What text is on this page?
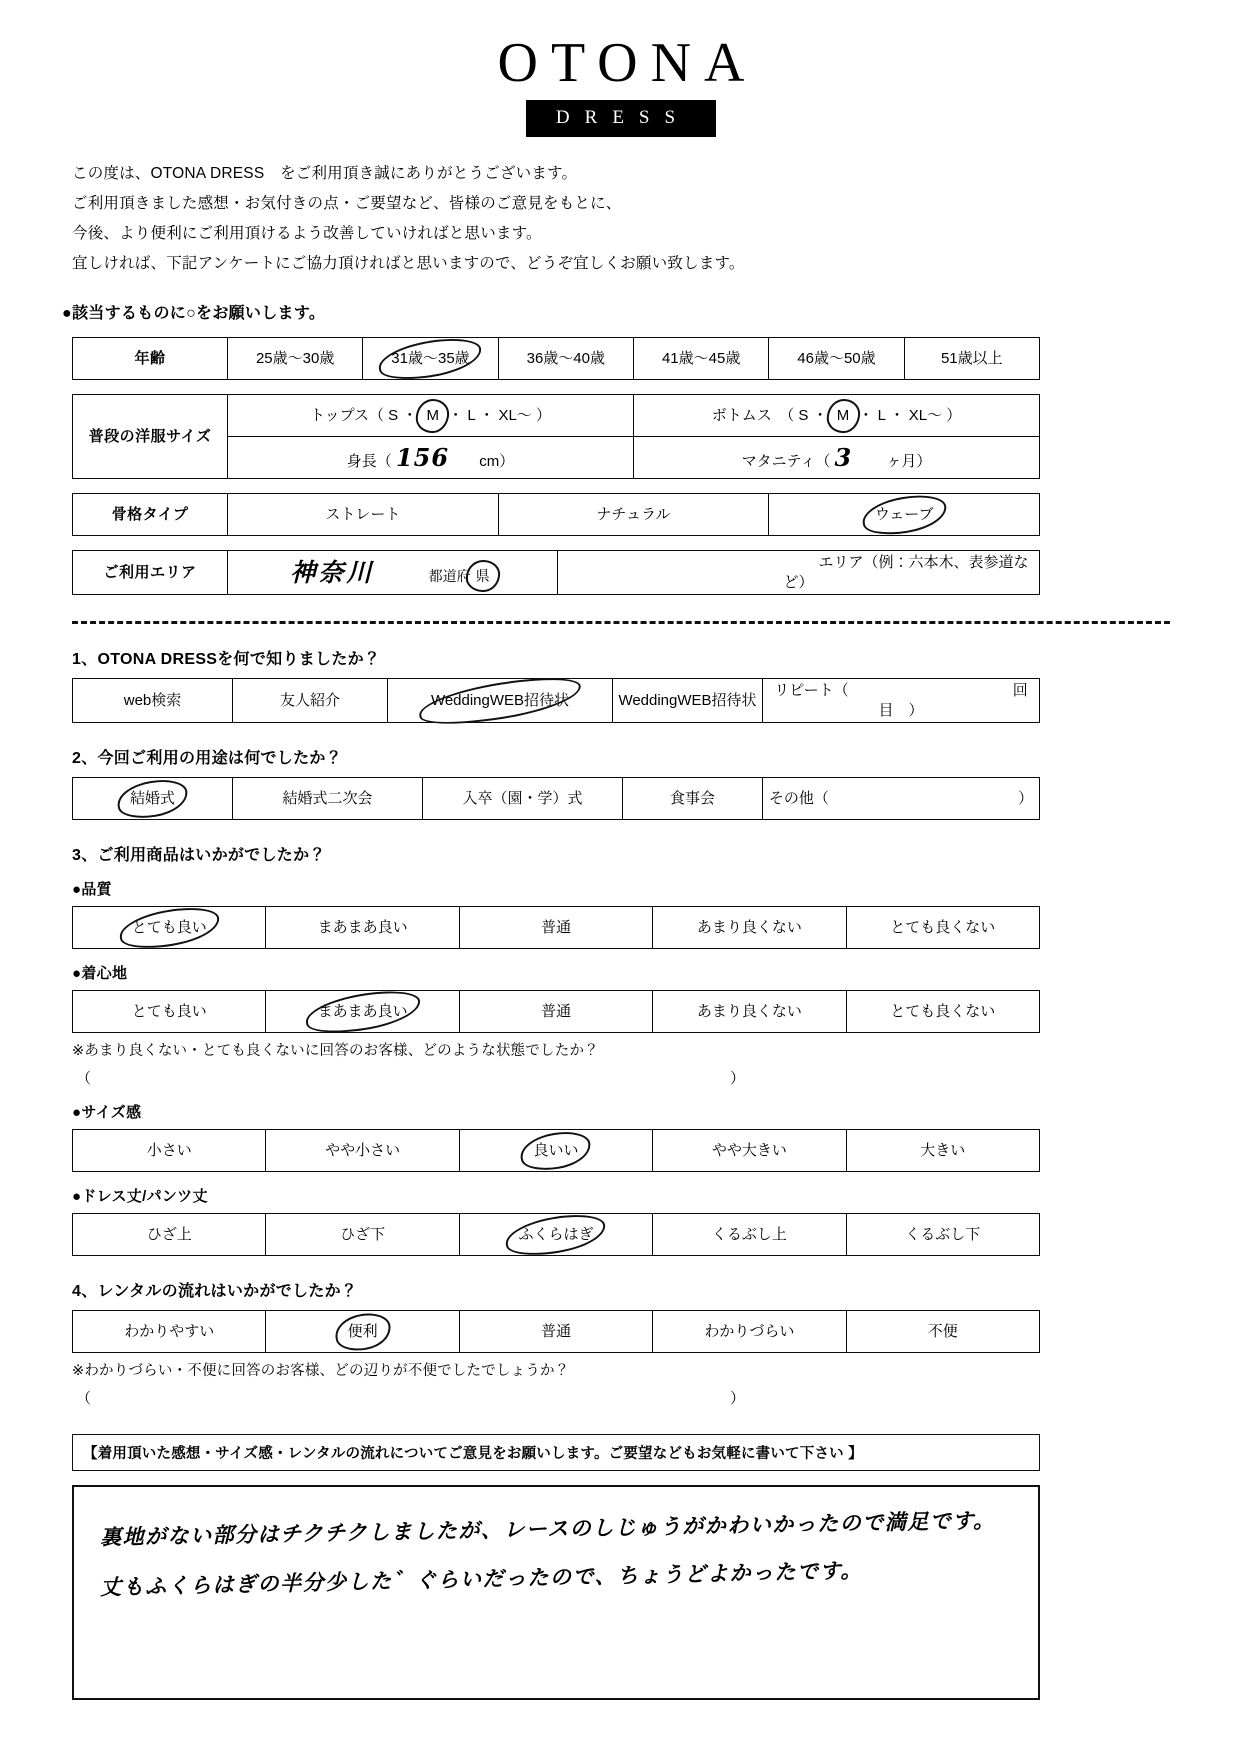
OTONA
DRESS
この度は、OTONA DRESS　をご利用頂き誠にありがとうございます。
ご利用頂きました感想・お気付きの点・ご要望など、皆様のご意見をもとに、
今後、より便利にご利用頂けるよう改善していければと思います。
宜しければ、下記アンケートにご協力頂ければと思いますので、どうぞ宜しくお願い致します。
●該当するものに○をお願いします。
年齢	25歳～30歳	31歳～35歳	36歳～40歳	41歳～45歳	46歳～50歳	51歳以上
普段の洋服サイズ	トップス（ S ・ M ・ L ・ XL～ ）	ボトムス　（ S ・ M ・ L ・ XL～ ）
	身長（ 156 cm）	マタニティ（ 3 ヶ月）
骨格タイプ	ストレート	ナチュラル	ウェーブ
ご利用エリア	神奈川	都道府 県	エリア（例：六本木、表参道など）
1、OTONA DRESSを何で知りましたか？
web検索	友人紹介	WeddingWEB招待状	WeddingWEB招待状	リピート（	回目　）
2、今回ご利用の用途は何でしたか？
結婚式	結婚式二次会	入卒（園・学）式	食事会	その他（	）
3、ご利用商品はいかがでしたか？
●品質
とても良い	まあまあ良い	普通	あまり良くない	とても良くない
●着心地
とても良い	まあまあ良い	普通	あまり良くない	とても良くない
※あまり良くない・とても良くないに回答のお客様、どのような状態でしたか？
（	）
●サイズ感
小さい	やや小さい	良いい	やや大きい	大きい
●ドレス丈/パンツ丈
ひざ上	ひざ下	ふくらはぎ	くるぶし上	くるぶし下
4、レンタルの流れはいかがでしたか？
わかりやすい	便利	普通	わかりづらい	不便
※わかりづらい・不便に回答のお客様、どの辺りが不便でしたでしょうか？
（	）
【着用頂いた感想・サイズ感・レンタルの流れについてご意見をお願いします。ご要望などもお気軽に書いて下さい 】
裏地がない部分はチクチクしましたが、レースのしじゅうがかわいかったので満足です。
丈もふくらはぎの半分少した゛ぐらいだったので、ちょうどよかったです。
